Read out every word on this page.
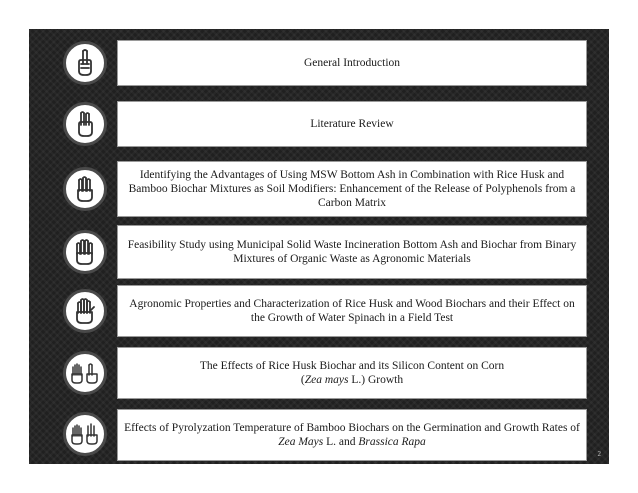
General Introduction
Literature Review
Identifying the Advantages of Using MSW Bottom Ash in Combination with Rice Husk and Bamboo Biochar Mixtures as Soil Modifiers: Enhancement of the Release of Polyphenols from a Carbon Matrix
Feasibility Study using Municipal Solid Waste Incineration Bottom Ash and Biochar from Binary Mixtures of Organic Waste as Agronomic Materials
Agronomic Properties and Characterization of Rice Husk and Wood Biochars and their Effect on the Growth of Water Spinach in a Field Test
The Effects of Rice Husk Biochar and its Silicon Content on Corn
(Zea mays L.) Growth
Effects of Pyrolyzation Temperature of Bamboo Biochars on the Germination and Growth Rates of Zea Mays L. and Brassica Rapa
2
